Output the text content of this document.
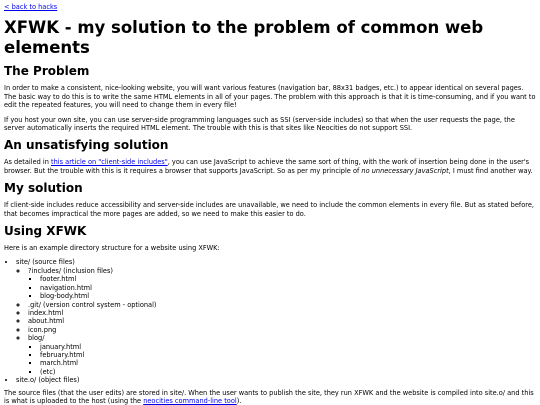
< back to hacks
XFWK - my solution to the problem of common web elements
The Problem

In order to make a consistent, nice-looking website, you will want various features (navigation bar, 88x31 badges, etc.) to appear identical on several pages. The basic way to do this is to write the same HTML elements in all of your pages. The problem with this approach is that it is time-consuming, and if you want to edit the repeated features, you will need to change them in every file!

If you host your own site, you can use server-side programming languages such as SSI (server-side includes) so that when the user requests the page, the server automatically inserts the required HTML element. The trouble with this is that sites like Neocities do not support SSI.

An unsatisfying solution

As detailed in this article on "client-side includes", you can use JavaScript to achieve the same sort of thing, with the work of insertion being done in the user's browser. But the trouble with this is it requires a browser that supports JavaScript. So as per my principle of no unnecessary JavaScript, I must find another way.

My solution

If client-side includes reduce accessibility and server-side includes are unavailable, we need to include the common elements in every file. But as stated before, that becomes impractical the more pages are added, so we need to make this easier to do.

Using XFWK

Here is an example directory structure for a website using XFWK:

• site/ (source files)
◦ ?includes/ (inclusion files)
▪ footer.html
▪ navigation.html
▪ blog-body.html
◦ .git/ (version control system - optional)
◦ index.html
◦ about.html
◦ icon.png
◦ blog/
▪ january.html
▪ february.html
▪ march.html
▪ (etc)
• site.o/ (object files)

The source files (that the user edits) are stored in site/. When the user wants to publish the site, they run XFWK and the website is compiled into site.o/ and this is what is uploaded to the host (using the neocities command-line tool).
